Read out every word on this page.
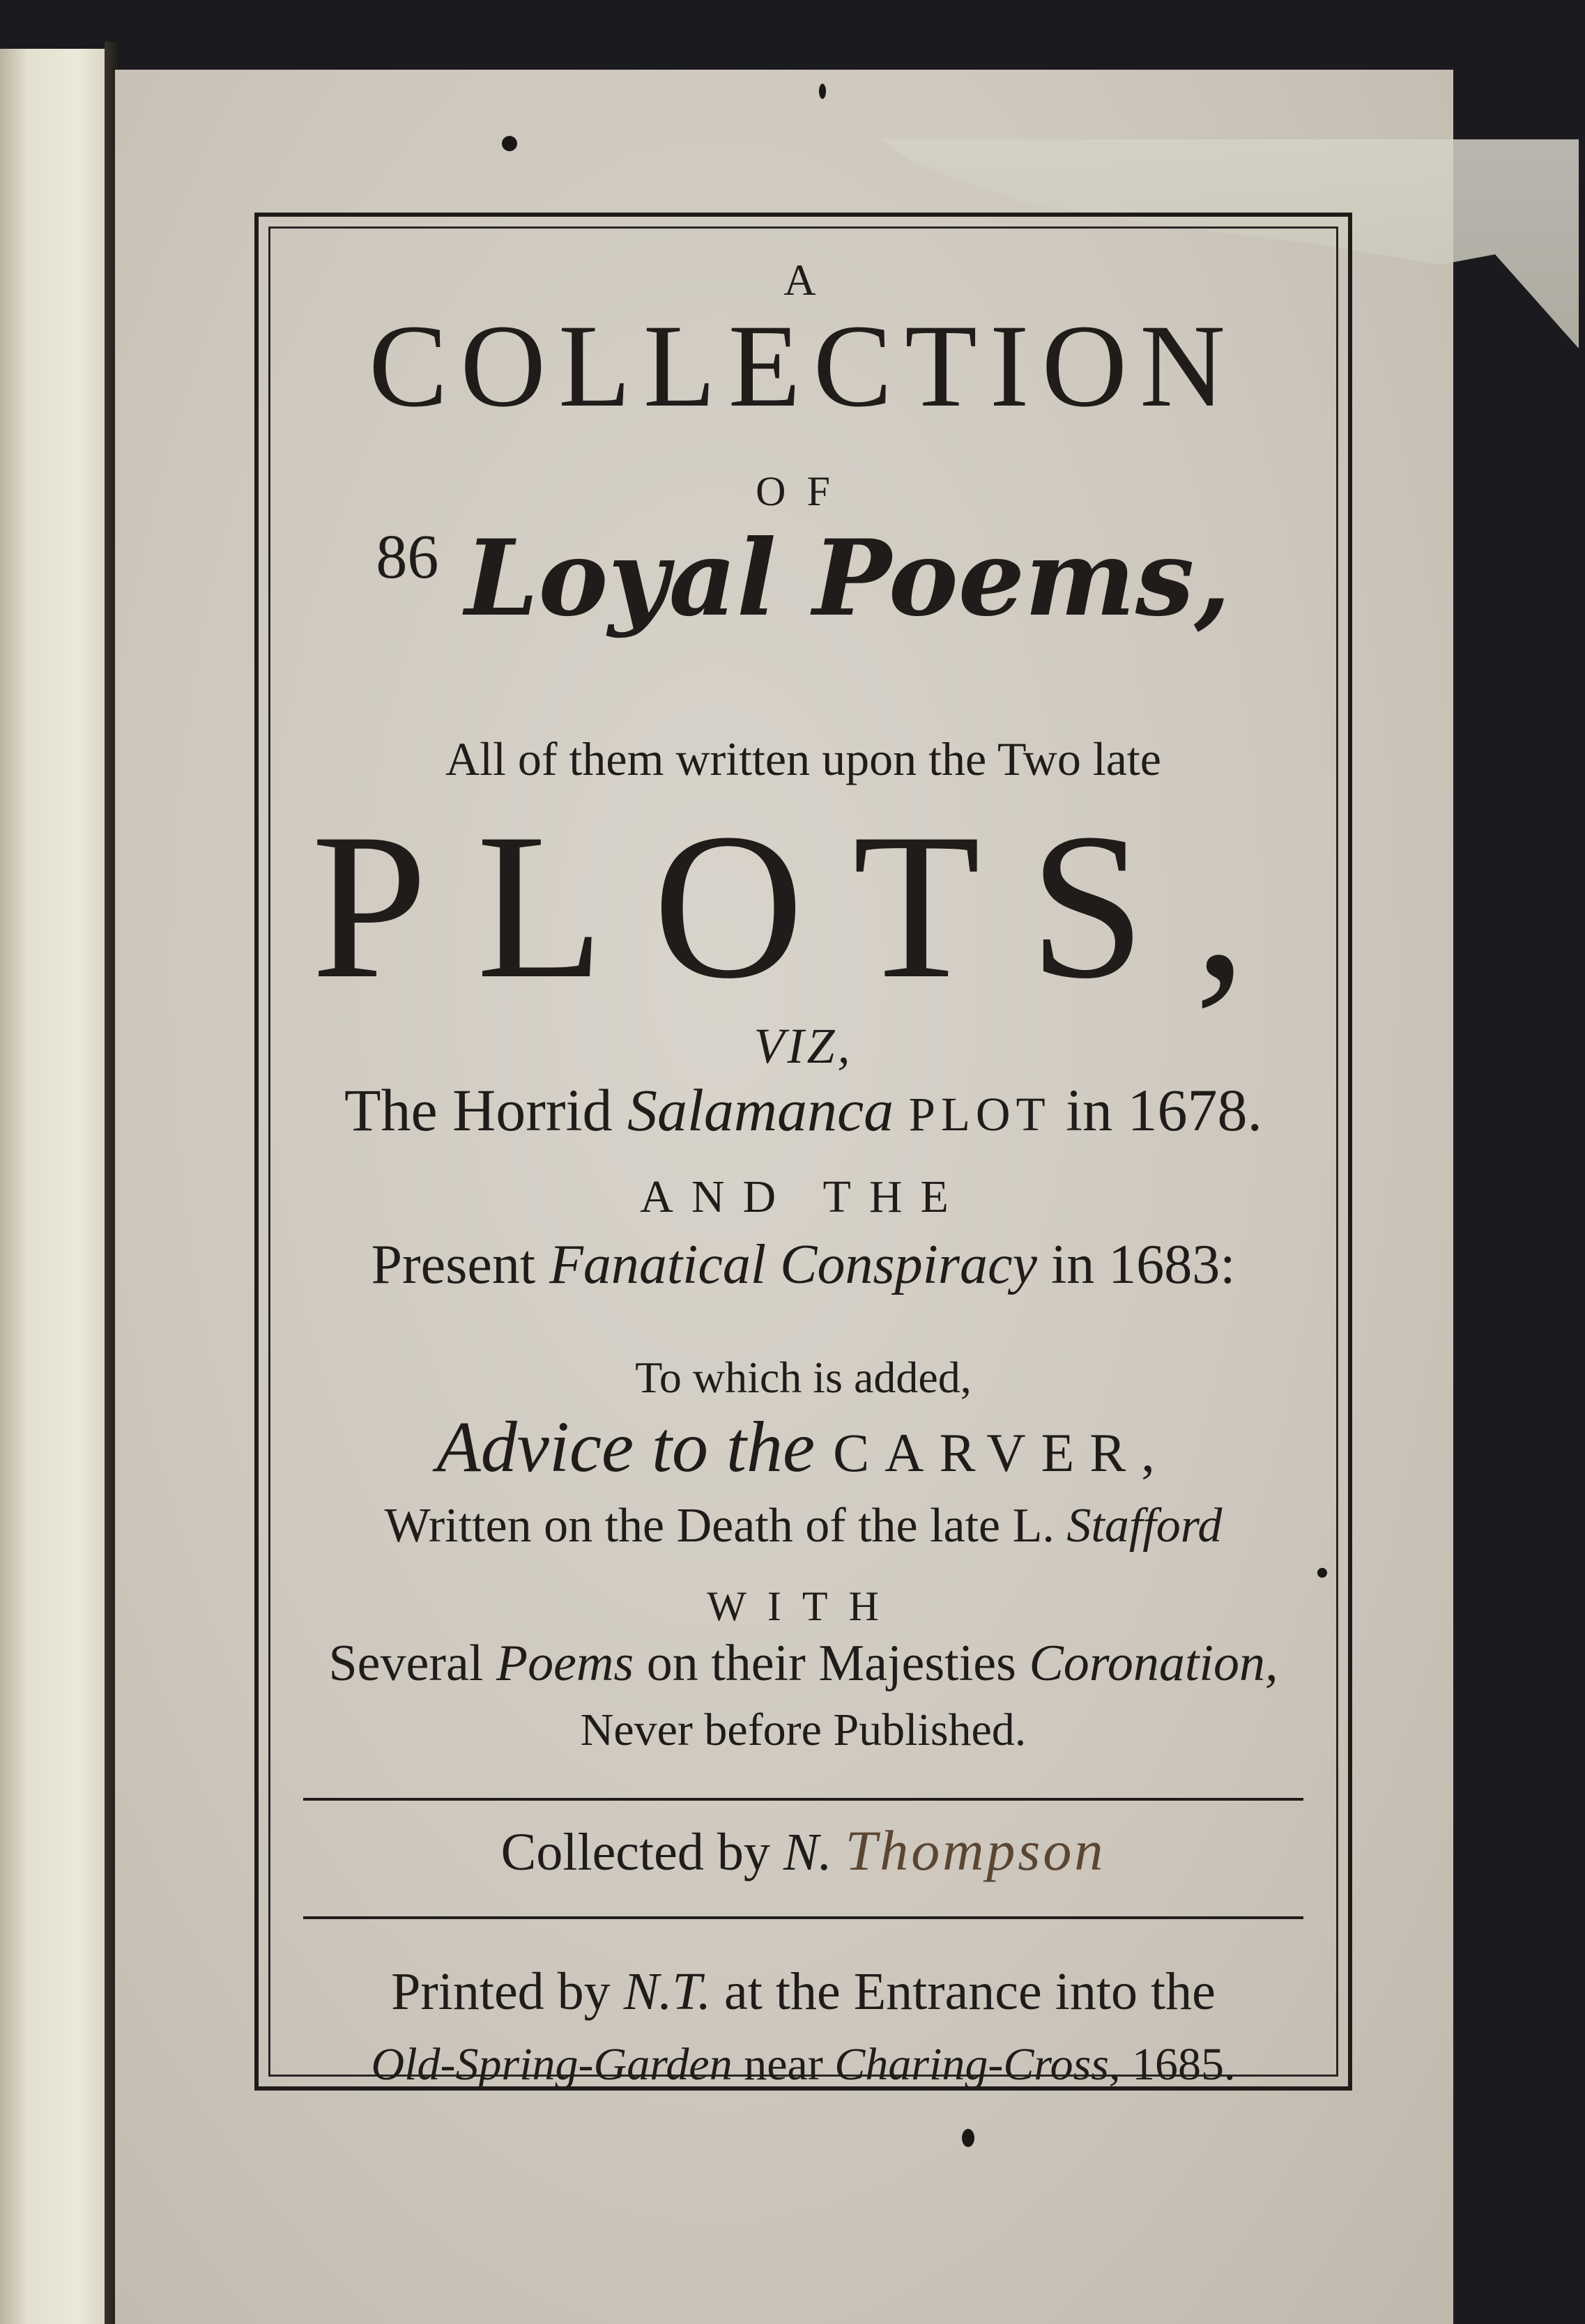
A
COLLECTION
OF
$^{86}$ Loyal Poems,
All of them written upon the Two late
PLOTS,
VIZ,
The Horrid Salamanca PLOT in 1678.
AND THE
Present Fanatical Conspiracy in 1683:
To which is added,
Advice to the CARVER,
Written on the Death of the late L. Stafford
WITH
Several Poems on their Majesties Coronation,
Never before Published.
Collected by N. Thompson
Printed by N.T. at the Entrance into the
Old-Spring-Garden near Charing-Cross, 1685.
